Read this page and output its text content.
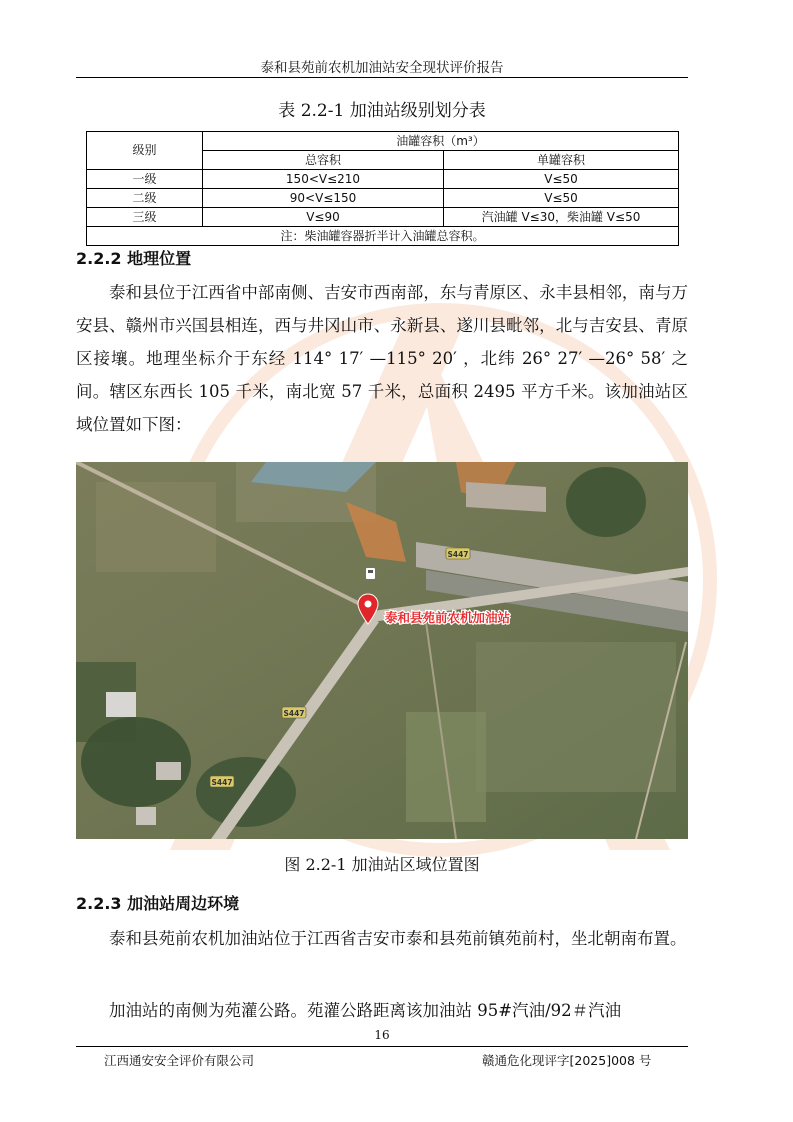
泰和县苑前农机加油站安全现状评价报告
表 2.2-1 加油站级别划分表
级别	油罐容积（m³）	
	总容积	单罐容积
一级	150<V≤210	V≤50
二级	90<V≤150	V≤50
三级	V≤90	汽油罐 V≤30，柴油罐 V≤50
注：柴油罐容器折半计入油罐总容积。		
2.2.2 地理位置

泰和县位于江西省中部南侧、吉安市西南部，东与青原区、永丰县相邻，南与万安县、赣州市兴国县相连，西与井冈山市、永新县、遂川县毗邻，北与吉安县、青原区接壤。地理坐标介于东经 114° 17′ —115° 20′ ，北纬 26° 27′ —26° 58′ 之间。辖区东西长 105 千米，南北宽 57 千米，总面积 2495 平方千米。该加油站区域位置如下图：

S447
S447
S447
泰和县苑前农机加油站
图 2.2-1 加油站区域位置图
2.2.3 加油站周边环境

泰和县苑前农机加油站位于江西省吉安市泰和县苑前镇苑前村，坐北朝南布置。

加油站的南侧为苑灌公路。苑灌公路距离该加油站 95#汽油/92＃汽油

16
江西通安安全评价有限公司	赣通危化现评字[2025]008 号
